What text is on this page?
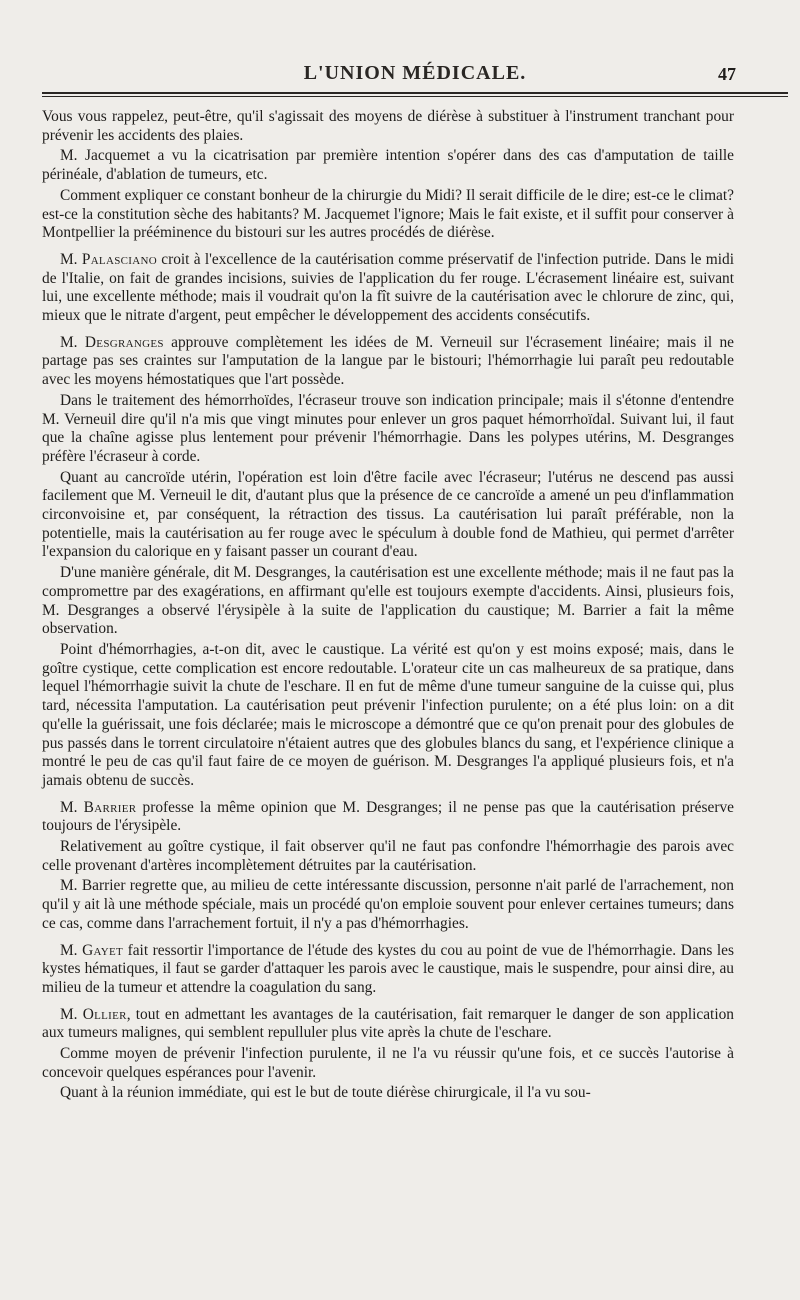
L'UNION MÉDICALE.	47

Vous vous rappelez, peut-être, qu'il s'agissait des moyens de diérèse à substituer à l'instrument tranchant pour prévenir les accidents des plaies.

M. Jacquemet a vu la cicatrisation par première intention s'opérer dans des cas d'amputation de taille périnéale, d'ablation de tumeurs, etc.

Comment expliquer ce constant bonheur de la chirurgie du Midi? Il serait difficile de le dire; est-ce le climat? est-ce la constitution sèche des habitants? M. Jacquemet l'ignore; Mais le fait existe, et il suffit pour conserver à Montpellier la prééminence du bistouri sur les autres procédés de diérèse.

M. Palasciano croit à l'excellence de la cautérisation comme préservatif de l'infection putride. Dans le midi de l'Italie, on fait de grandes incisions, suivies de l'application du fer rouge. L'écrasement linéaire est, suivant lui, une excellente méthode; mais il voudrait qu'on la fît suivre de la cautérisation avec le chlorure de zinc, qui, mieux que le nitrate d'argent, peut empêcher le développement des accidents consécutifs.

M. Desgranges approuve complètement les idées de M. Verneuil sur l'écrasement linéaire; mais il ne partage pas ses craintes sur l'amputation de la langue par le bistouri; l'hémorrhagie lui paraît peu redoutable avec les moyens hémostatiques que l'art possède.

Dans le traitement des hémorrhoïdes, l'écraseur trouve son indication principale; mais il s'étonne d'entendre M. Verneuil dire qu'il n'a mis que vingt minutes pour enlever un gros paquet hémorrhoïdal. Suivant lui, il faut que la chaîne agisse plus lentement pour prévenir l'hémorrhagie. Dans les polypes utérins, M. Desgranges préfère l'écraseur à corde.

Quant au cancroïde utérin, l'opération est loin d'être facile avec l'écraseur; l'utérus ne descend pas aussi facilement que M. Verneuil le dit, d'autant plus que la présence de ce cancroïde a amené un peu d'inflammation circonvoisine et, par conséquent, la rétraction des tissus. La cautérisation lui paraît préférable, non la potentielle, mais la cautérisation au fer rouge avec le spéculum à double fond de Mathieu, qui permet d'arrêter l'expansion du calorique en y faisant passer un courant d'eau.

D'une manière générale, dit M. Desgranges, la cautérisation est une excellente méthode; mais il ne faut pas la compromettre par des exagérations, en affirmant qu'elle est toujours exempte d'accidents. Ainsi, plusieurs fois, M. Desgranges a observé l'érysipèle à la suite de l'application du caustique; M. Barrier a fait la même observation.

Point d'hémorrhagies, a-t-on dit, avec le caustique. La vérité est qu'on y est moins exposé; mais, dans le goître cystique, cette complication est encore redoutable. L'orateur cite un cas malheureux de sa pratique, dans lequel l'hémorrhagie suivit la chute de l'eschare. Il en fut de même d'une tumeur sanguine de la cuisse qui, plus tard, nécessita l'amputation. La cautérisation peut prévenir l'infection purulente; on a été plus loin: on a dit qu'elle la guérissait, une fois déclarée; mais le microscope a démontré que ce qu'on prenait pour des globules de pus passés dans le torrent circulatoire n'étaient autres que des globules blancs du sang, et l'expérience clinique a montré le peu de cas qu'il faut faire de ce moyen de guérison. M. Desgranges l'a appliqué plusieurs fois, et n'a jamais obtenu de succès.

M. Barrier professe la même opinion que M. Desgranges; il ne pense pas que la cautérisation préserve toujours de l'érysipèle.

Relativement au goître cystique, il fait observer qu'il ne faut pas confondre l'hémorrhagie des parois avec celle provenant d'artères incomplètement détruites par la cautérisation.

M. Barrier regrette que, au milieu de cette intéressante discussion, personne n'ait parlé de l'arrachement, non qu'il y ait là une méthode spéciale, mais un procédé qu'on emploie souvent pour enlever certaines tumeurs; dans ce cas, comme dans l'arrachement fortuit, il n'y a pas d'hémorrhagies.

M. Gayet fait ressortir l'importance de l'étude des kystes du cou au point de vue de l'hémorrhagie. Dans les kystes hématiques, il faut se garder d'attaquer les parois avec le caustique, mais le suspendre, pour ainsi dire, au milieu de la tumeur et attendre la coagulation du sang.

M. Ollier, tout en admettant les avantages de la cautérisation, fait remarquer le danger de son application aux tumeurs malignes, qui semblent repulluler plus vite après la chute de l'eschare.

Comme moyen de prévenir l'infection purulente, il ne l'a vu réussir qu'une fois, et ce succès l'autorise à concevoir quelques espérances pour l'avenir.

Quant à la réunion immédiate, qui est le but de toute diérèse chirurgicale, il l'a vu sou-
